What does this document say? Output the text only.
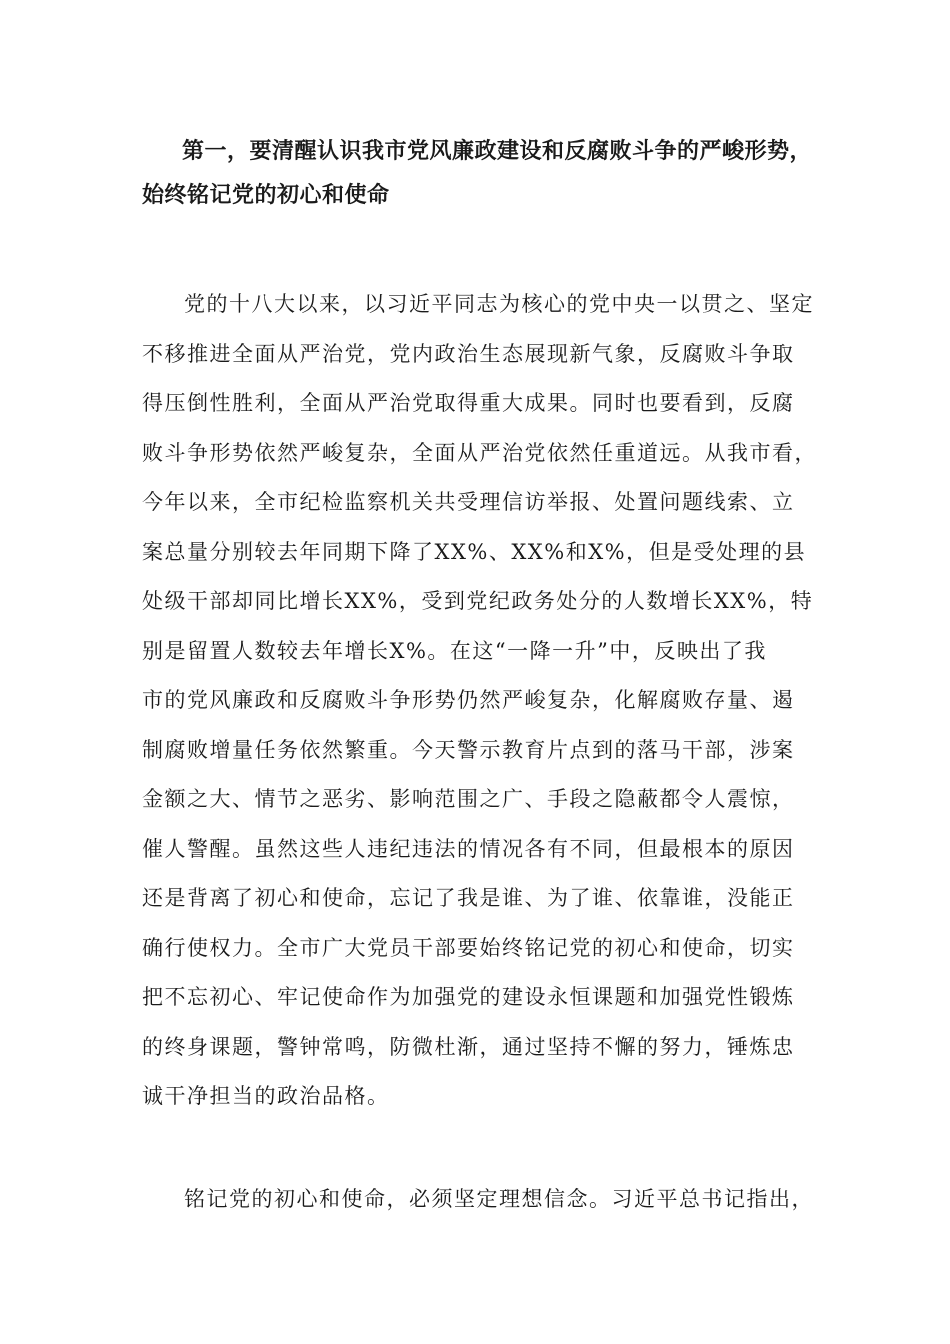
第一，要清醒认识我市党风廉政建设和反腐败斗争的严峻形势，
始终铭记党的初心和使命
党的十八大以来，以习近平同志为核心的党中央一以贯之、坚定
不移推进全面从严治党，党内政治生态展现新气象，反腐败斗争取
得压倒性胜利，全面从严治党取得重大成果。同时也要看到，反腐
败斗争形势依然严峻复杂，全面从严治党依然任重道远。从我市看，
今年以来，全市纪检监察机关共受理信访举报、处置问题线索、立
案总量分别较去年同期下降了XX%、XX%和X%，但是受处理的县
处级干部却同比增长XX%，受到党纪政务处分的人数增长XX%，特
别是留置人数较去年增长X%。在这“一降一升”中，反映出了我
市的党风廉政和反腐败斗争形势仍然严峻复杂，化解腐败存量、遏
制腐败增量任务依然繁重。今天警示教育片点到的落马干部，涉案
金额之大、情节之恶劣、影响范围之广、手段之隐蔽都令人震惊，
催人警醒。虽然这些人违纪违法的情况各有不同，但最根本的原因
还是背离了初心和使命，忘记了我是谁、为了谁、依靠谁，没能正
确行使权力。全市广大党员干部要始终铭记党的初心和使命，切实
把不忘初心、牢记使命作为加强党的建设永恒课题和加强党性锻炼
的终身课题，警钟常鸣，防微杜渐，通过坚持不懈的努力，锤炼忠
诚干净担当的政治品格。
铭记党的初心和使命，必须坚定理想信念。习近平总书记指出，
